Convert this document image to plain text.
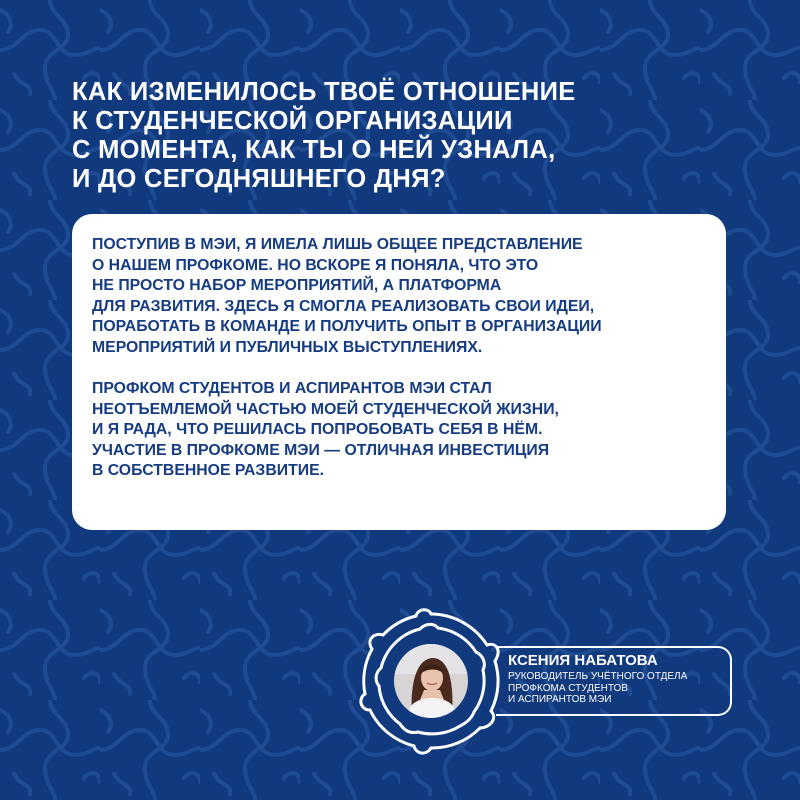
КАК ИЗМЕНИЛОСЬ ТВОЁ ОТНОШЕНИЕ
К СТУДЕНЧЕСКОЙ ОРГАНИЗАЦИИ
С МОМЕНТА, КАК ТЫ О НЕЙ УЗНАЛА,
И ДО СЕГОДНЯШНЕГО ДНЯ?

ПОСТУПИВ В МЭИ, Я ИМЕЛА ЛИШЬ ОБЩЕЕ ПРЕДСТАВЛЕНИЕ
О НАШЕМ ПРОФКОМЕ. НО ВСКОРЕ Я ПОНЯЛА, ЧТО ЭТО
НЕ ПРОСТО НАБОР МЕРОПРИЯТИЙ, А ПЛАТФОРМА
ДЛЯ РАЗВИТИЯ. ЗДЕСЬ Я СМОГЛА РЕАЛИЗОВАТЬ СВОИ ИДЕИ,
ПОРАБОТАТЬ В КОМАНДЕ И ПОЛУЧИТЬ ОПЫТ В ОРГАНИЗАЦИИ
МЕРОПРИЯТИЙ И ПУБЛИЧНЫХ ВЫСТУПЛЕНИЯХ.

ПРОФКОМ СТУДЕНТОВ И АСПИРАНТОВ МЭИ СТАЛ
НЕОТЪЕМЛЕМОЙ ЧАСТЬЮ МОЕЙ СТУДЕНЧЕСКОЙ ЖИЗНИ,
И Я РАДА, ЧТО РЕШИЛАСЬ ПОПРОБОВАТЬ СЕБЯ В НЁМ.
УЧАСТИЕ В ПРОФКОМЕ МЭИ — ОТЛИЧНАЯ ИНВЕСТИЦИЯ
В СОБСТВЕННОЕ РАЗВИТИЕ.

КСЕНИЯ НАБАТОВА

РУКОВОДИТЕЛЬ УЧЁТНОГО ОТДЕЛА
ПРОФКОМА СТУДЕНТОВ
И АСПИРАНТОВ МЭИ
